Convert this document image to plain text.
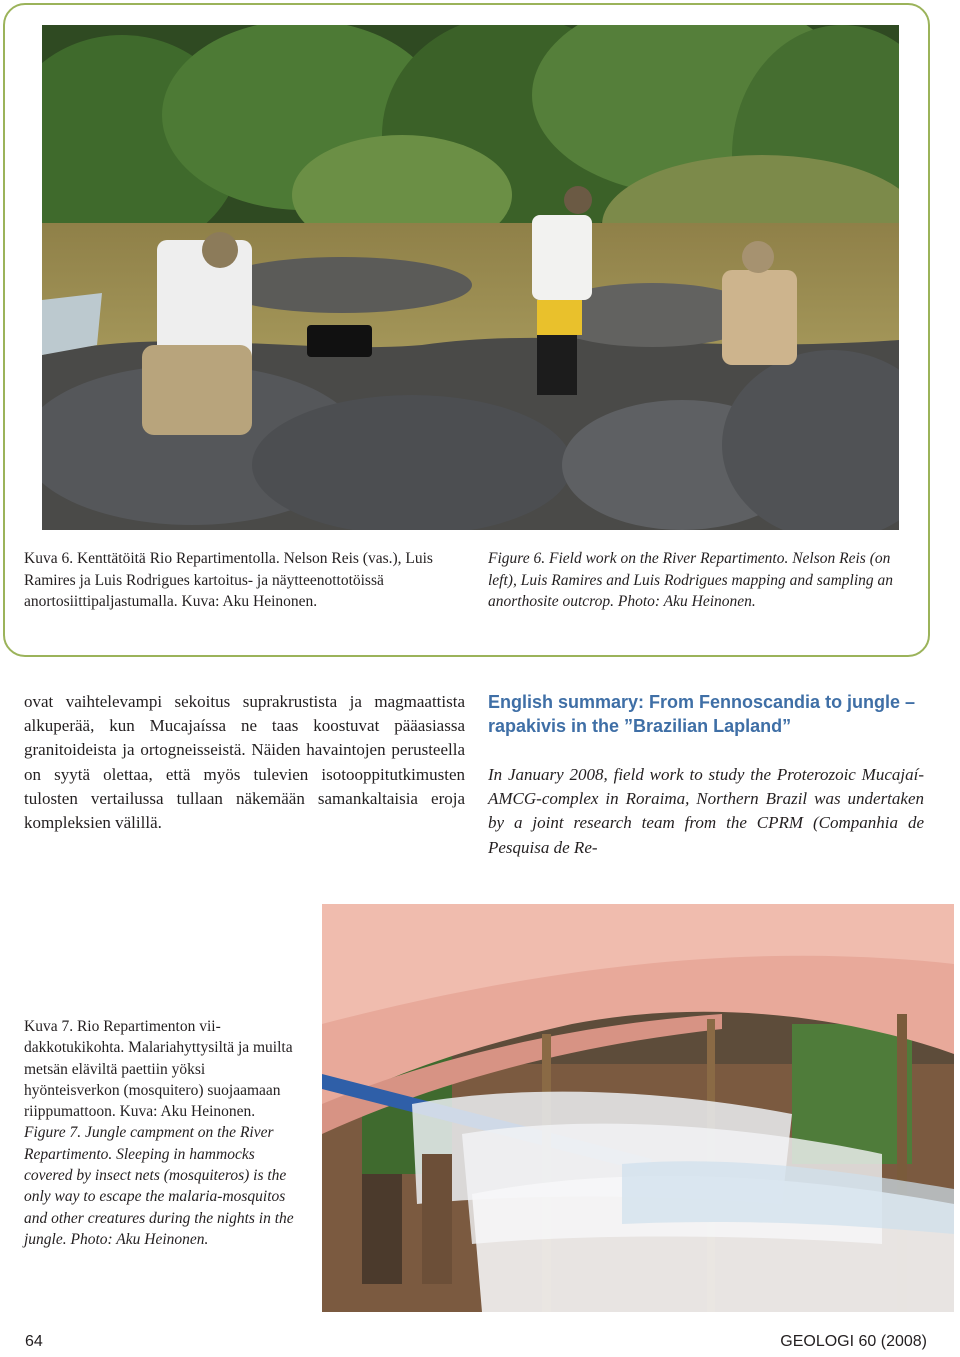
Kuva 6. Kenttätöitä Rio Repartimentolla. Nelson Reis (vas.), Luis Ramires ja Luis Rodrigues kartoitus- ja näytteenottotöissä anortosiittipaljastumalla. Kuva: Aku Heinonen.
Figure 6. Field work on the River Repartimento. Nelson Reis (on left), Luis Ramires and Luis Rodrigues mapping and sampling an anorthosite outcrop. Photo: Aku Heinonen.

ovat vaihtelevampi sekoitus suprakrustista ja magmaattista alkuperää, kun Mucajaíssa ne taas koostuvat pääasiassa granitoideista ja ortogneisseistä. Näiden havaintojen perusteella on syytä olettaa, että myös tulevien isotooppitutkimusten tulosten vertailussa tullaan näkemään samankaltaisia eroja kompleksien välillä.

English summary: From Fennoscandia to jungle – rapakivis in the ”Brazilian Lapland”

In January 2008, field work to study the Proterozoic Mucajaí-AMCG-complex in Roraima, Northern Brazil was undertaken by a joint research team from the CPRM (Companhia de Pesquisa de Re-

Kuva 7. Rio Repartimenton viidakkotukikohta. Malariahyttysiltä ja muilta metsän eläviltä paettiin yöksi hyönteisverkon (mosquitero) suojaamaan riippumattoon. Kuva: Aku Heinonen.

Figure 7. Jungle campment on the River Repartimento. Sleeping in hammocks covered by insect nets (mosquiteros) is the only way to escape the malaria-mosquitos and other creatures during the nights in the jungle. Photo: Aku Heinonen.

64	GEOLOGI 60 (2008)
